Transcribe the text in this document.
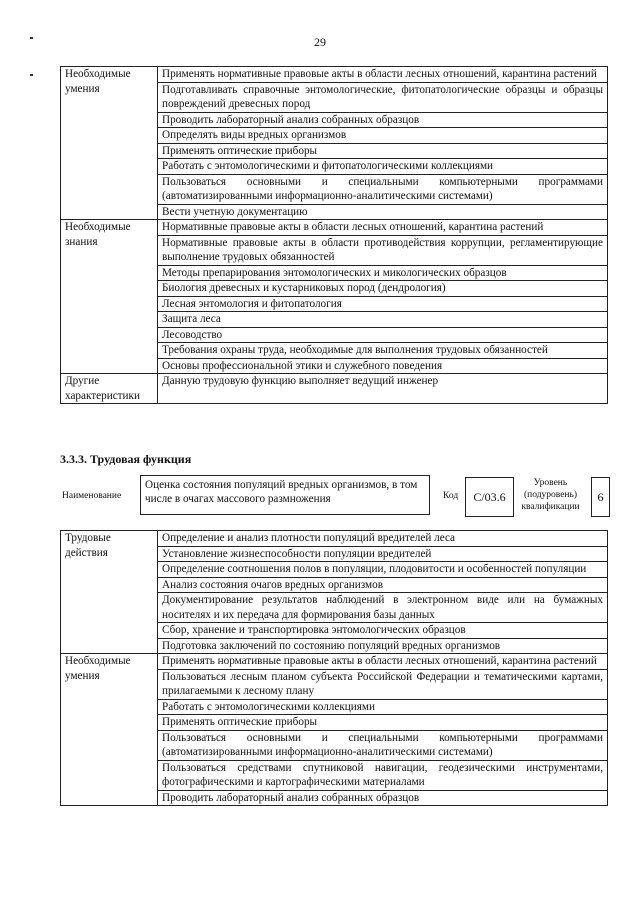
29
Необходимые умения	Применять нормативные правовые акты в области лесных отношений, карантина растений
	Подготавливать справочные энтомологические, фитопатологические образцы и образцы повреждений древесных пород
	Проводить лабораторный анализ собранных образцов
	Определять виды вредных организмов
	Применять оптические приборы
	Работать с энтомологическими и фитопатологическими коллекциями
	Пользоваться основными и специальными компьютерными программами (автоматизированными информационно-аналитическими системами)
	Вести учетную документацию
Необходимые знания	Нормативные правовые акты в области лесных отношений, карантина растений
	Нормативные правовые акты в области противодействия коррупции, регламентирующие выполнение трудовых обязанностей
	Методы препарирования энтомологических и микологических образцов
	Биология древесных и кустарниковых пород (дендрология)
	Лесная энтомология и фитопатология
	Защита леса
	Лесоводство
	Требования охраны труда, необходимые для выполнения трудовых обязанностей
	Основы профессиональной этики и служебного поведения
Другие характеристики	Данную трудовую функцию выполняет ведущий инженер
3.3.3. Трудовая функция
Наименование
Оценка состояния популяций вредных организмов, в том числе в очагах массового размножения	Код	C/03.6
Уровень (подуровень) квалификации
6
Трудовые действия	Определение и анализ плотности популяций вредителей леса
	Установление жизнеспособности популяции вредителей
	Определение соотношения полов в популяции, плодовитости и особенностей популяции
	Анализ состояния очагов вредных организмов
	Документирование результатов наблюдений в электронном виде или на бумажных носителях и их передача для формирования базы данных
	Сбор, хранение и транспортировка энтомологических образцов
	Подготовка заключений по состоянию популяций вредных организмов
Необходимые умения	Применять нормативные правовые акты в области лесных отношений, карантина растений
	Пользоваться лесным планом субъекта Российской Федерации и тематическими картами, прилагаемыми к лесному плану
	Работать с энтомологическими коллекциями
	Применять оптические приборы
	Пользоваться основными и специальными компьютерными программами (автоматизированными информационно-аналитическими системами)
	Пользоваться средствами спутниковой навигации, геодезическими инструментами, фотографическими и картографическими материалами
	Проводить лабораторный анализ собранных образцов
